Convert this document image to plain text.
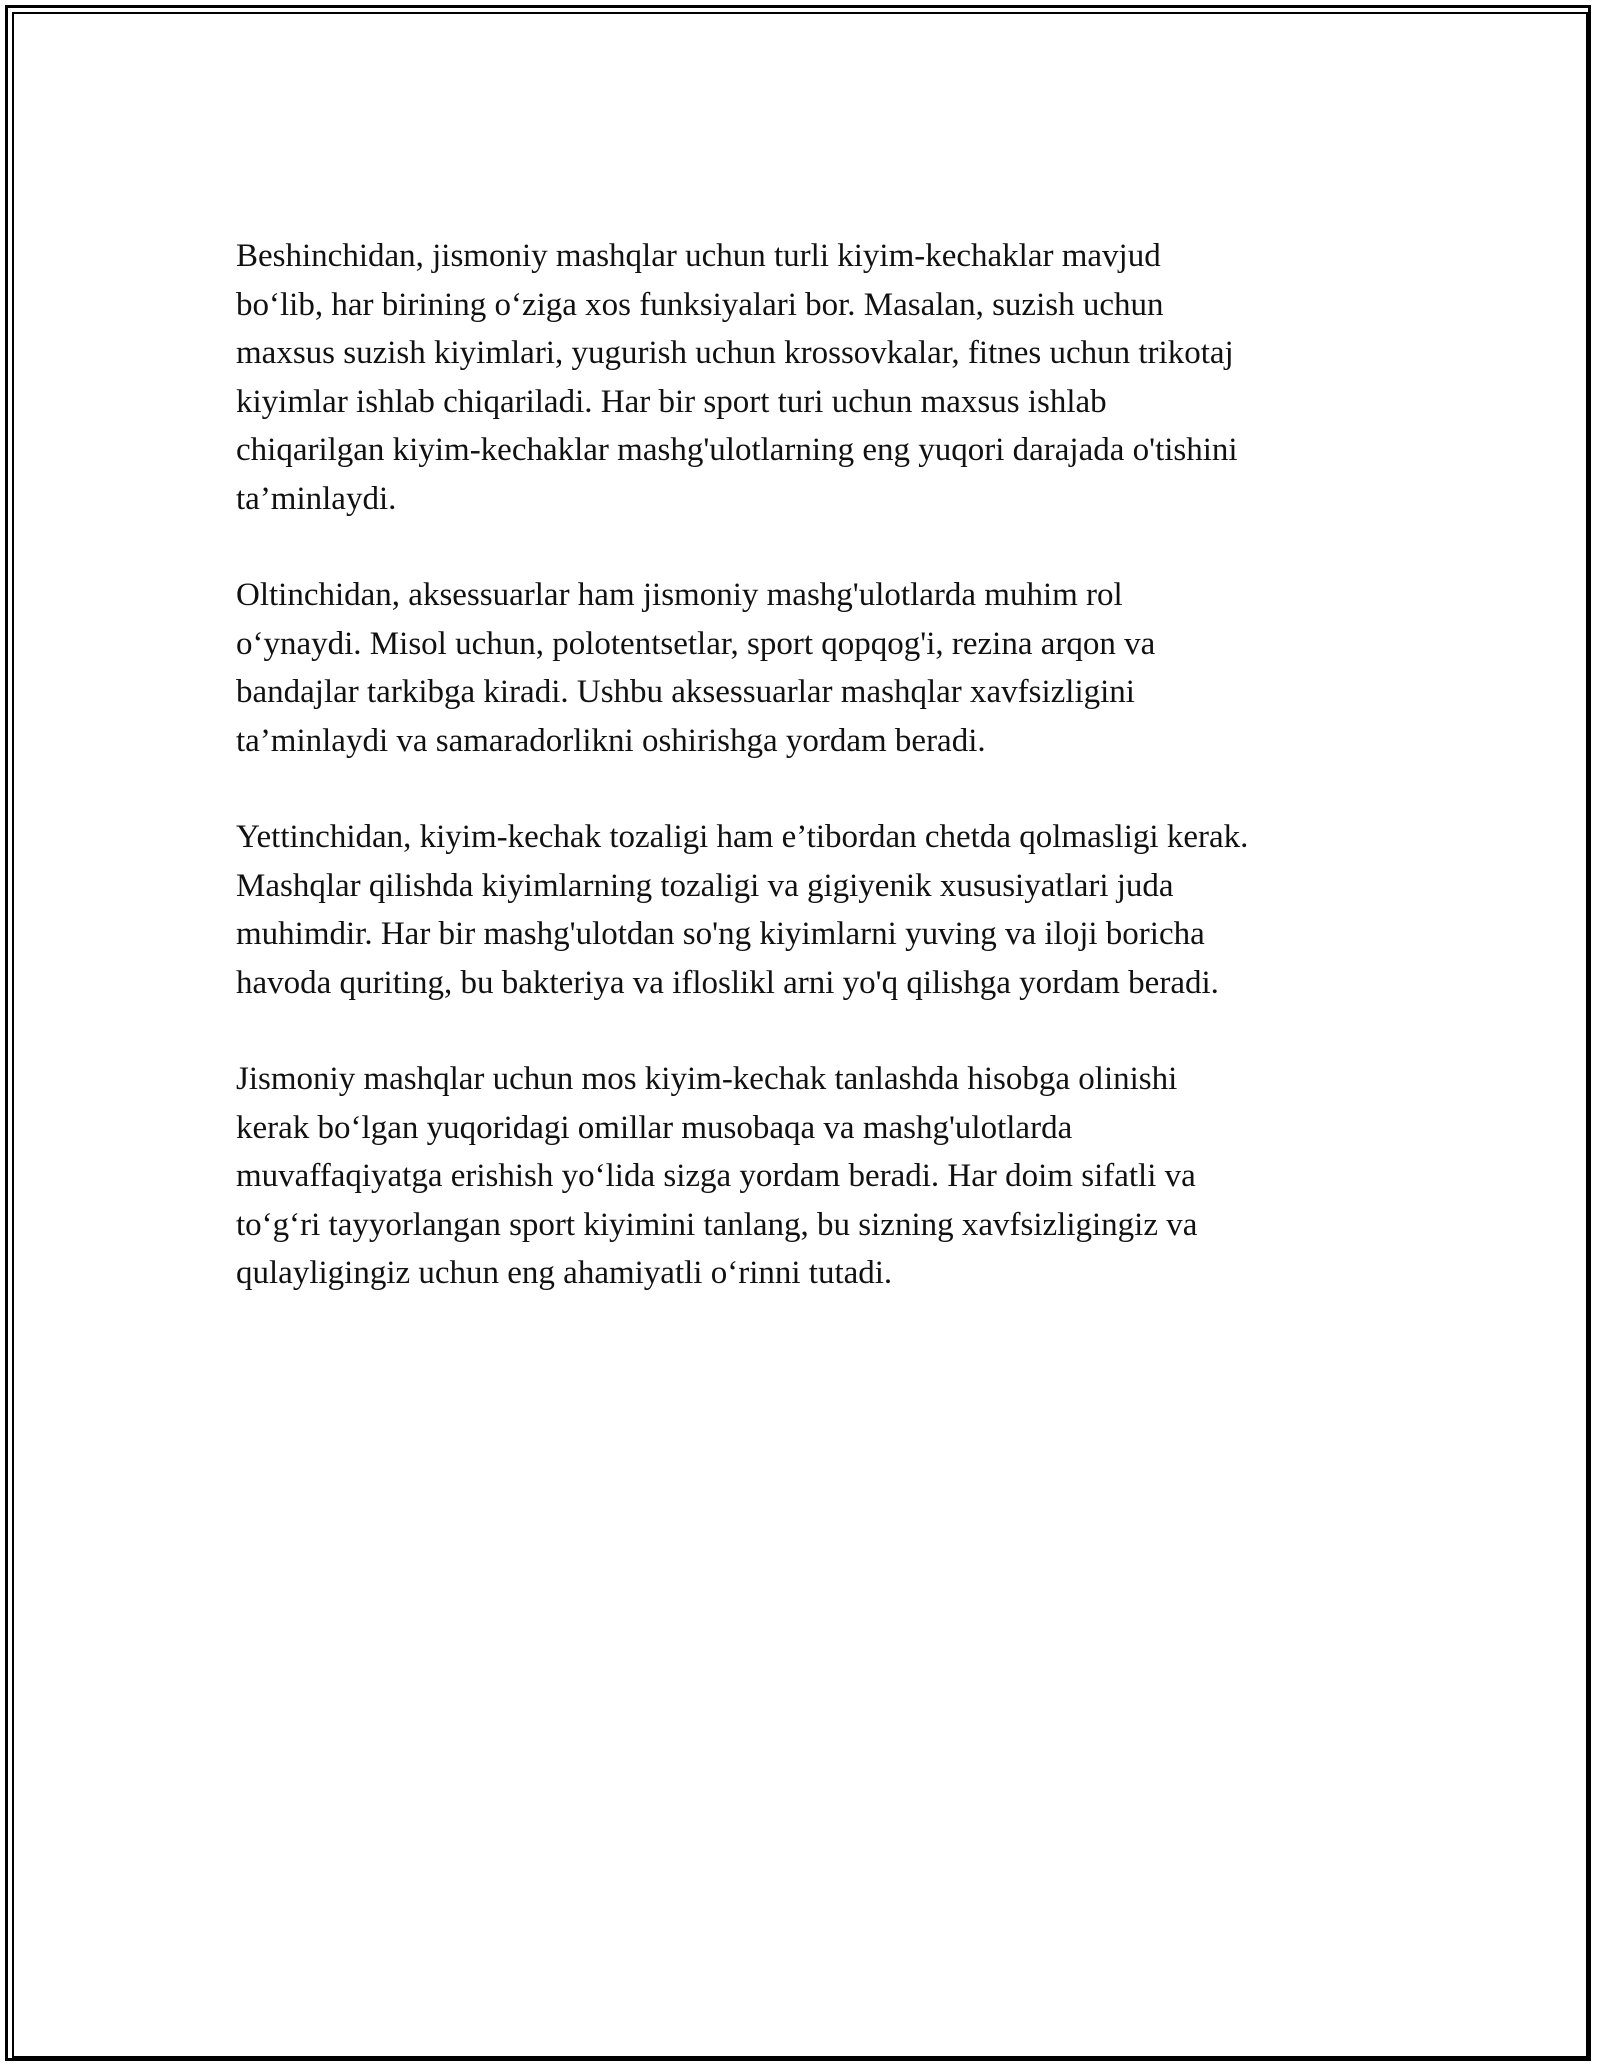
Beshinchidan, jismoniy mashqlar uchun turli kiyim-kechaklar mavjud
bo‘lib, har birining o‘ziga xos funksiyalari bor. Masalan, suzish uchun
maxsus suzish kiyimlari, yugurish uchun krossovkalar, fitnes uchun trikotaj
kiyimlar ishlab chiqariladi. Har bir sport turi uchun maxsus ishlab
chiqarilgan kiyim-kechaklar mashg'ulotlarning eng yuqori darajada o'tishini
ta’minlaydi.

Oltinchidan, aksessuarlar ham jismoniy mashg'ulotlarda muhim rol
o‘ynaydi. Misol uchun, polotentsetlar, sport qopqog'i, rezina arqon va
bandajlar tarkibga kiradi. Ushbu aksessuarlar mashqlar xavfsizligini
ta’minlaydi va samaradorlikni oshirishga yordam beradi.

Yettinchidan, kiyim-kechak tozaligi ham e’tibordan chetda qolmasligi kerak.
Mashqlar qilishda kiyimlarning tozaligi va gigiyenik xususiyatlari juda
muhimdir. Har bir mashg'ulotdan so'ng kiyimlarni yuving va iloji boricha
havoda quriting, bu bakteriya va ifloslikl arni yo'q qilishga yordam beradi.

Jismoniy mashqlar uchun mos kiyim-kechak tanlashda hisobga olinishi
kerak bo‘lgan yuqoridagi omillar musobaqa va mashg'ulotlarda
muvaffaqiyatga erishish yo‘lida sizga yordam beradi. Har doim sifatli va
to‘g‘ri tayyorlangan sport kiyimini tanlang, bu sizning xavfsizligingiz va
qulayligingiz uchun eng ahamiyatli o‘rinni tutadi.
